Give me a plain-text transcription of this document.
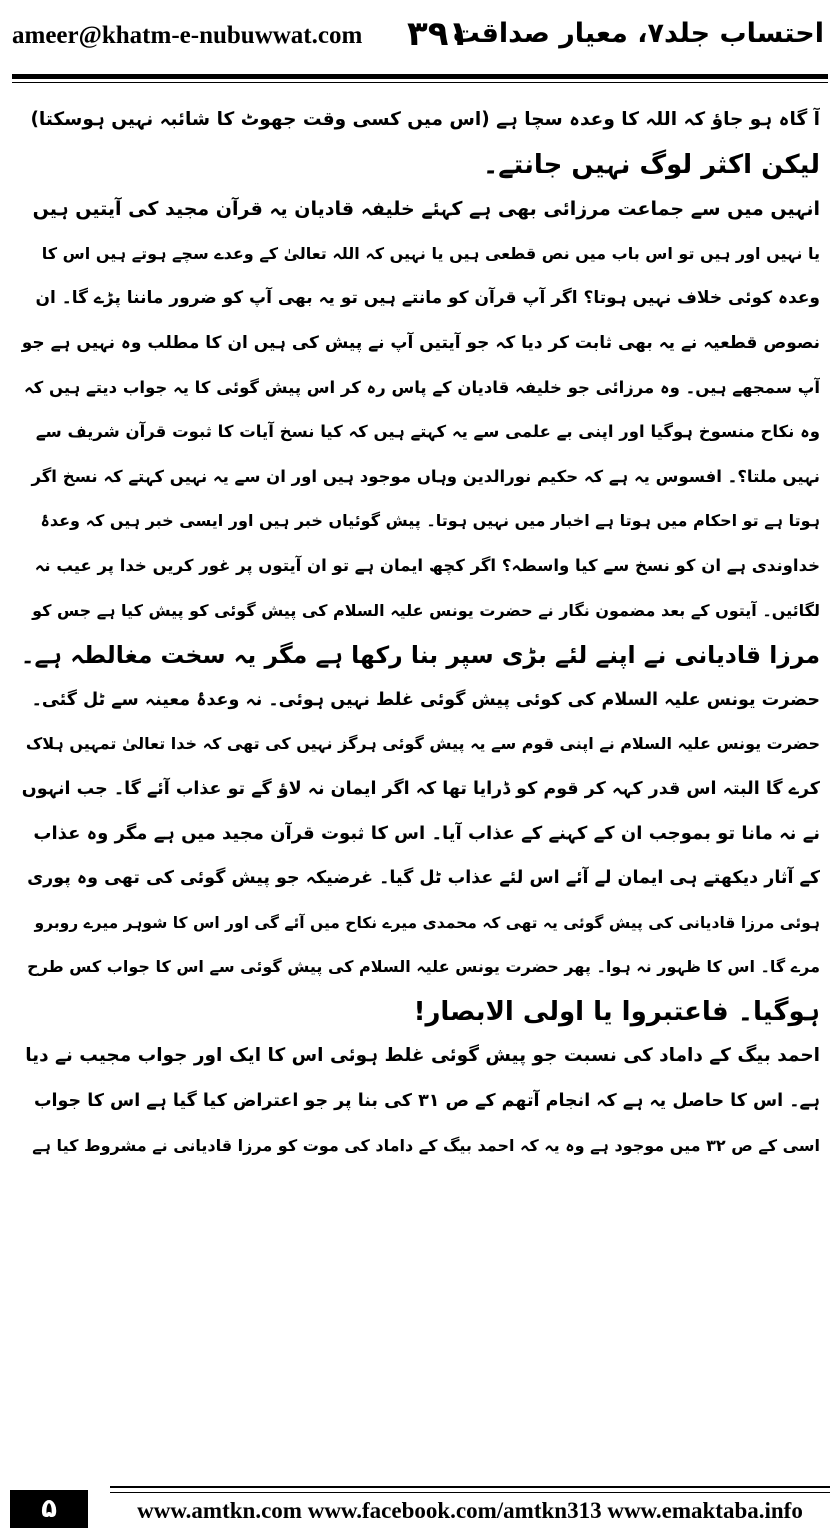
ameer@khatm-e-nubuwwat.com ۳۹۱
احتساب جلد۷، معیار صداقت
آ گاہ ہو جاؤ کہ اللہ کا وعدہ سچا ہے (اس میں کسی وقت جھوٹ کا شائبہ نہیں ہوسکتا)
لیکن اکثر لوگ نہیں جانتے۔
انہیں میں سے جماعت مرزائی بھی ہے کہئے خلیفہ قادیان یہ قرآن مجید کی آیتیں ہیں
یا نہیں اور ہیں تو اس باب میں نص قطعی ہیں یا نہیں کہ اللہ تعالیٰ کے وعدے سچے ہوتے ہیں اس کا
وعدہ کوئی خلاف نہیں ہوتا؟ اگر آپ قرآن کو مانتے ہیں تو یہ بھی آپ کو ضرور ماننا پڑے گا۔ ان
نصوص قطعیہ نے یہ بھی ثابت کر دیا کہ جو آیتیں آپ نے پیش کی ہیں ان کا مطلب وہ نہیں ہے جو
آپ سمجھے ہیں۔ وہ مرزائی جو خلیفہ قادیان کے پاس رہ کر اس پیش گوئی کا یہ جواب دیتے ہیں کہ
وہ نکاح منسوخ ہوگیا اور اپنی بے علمی سے یہ کہتے ہیں کہ کیا نسخ آیات کا ثبوت قرآن شریف سے
نہیں ملتا؟۔ افسوس یہ ہے کہ حکیم نورالدین وہاں موجود ہیں اور ان سے یہ نہیں کہتے کہ نسخ اگر
ہوتا ہے تو احکام میں ہوتا ہے اخبار میں نہیں ہوتا۔ پیش گوئیاں خبر ہیں اور ایسی خبر ہیں کہ وعدۂ
خداوندی ہے ان کو نسخ سے کیا واسطہ؟ اگر کچھ ایمان ہے تو ان آیتوں پر غور کریں خدا پر عیب نہ
لگائیں۔ آیتوں کے بعد مضمون نگار نے حضرت یونس علیہ السلام کی پیش گوئی کو پیش کیا ہے جس کو
مرزا قادیانی نے اپنے لئے بڑی سپر بنا رکھا ہے مگر یہ سخت مغالطہ ہے۔
حضرت یونس علیہ السلام کی کوئی پیش گوئی غلط نہیں ہوئی۔ نہ وعدۂ معینہ سے ٹل گئی۔
حضرت یونس علیہ السلام نے اپنی قوم سے یہ پیش گوئی ہرگز نہیں کی تھی کہ خدا تعالیٰ تمہیں ہلاک
کرے گا البتہ اس قدر کہہ کر قوم کو ڈرایا تھا کہ اگر ایمان نہ لاؤ گے تو عذاب آئے گا۔ جب انہوں
نے نہ مانا تو بموجب ان کے کہنے کے عذاب آیا۔ اس کا ثبوت قرآن مجید میں ہے مگر وہ عذاب
کے آثار دیکھتے ہی ایمان لے آئے اس لئے عذاب ٹل گیا۔ غرضیکہ جو پیش گوئی کی تھی وہ پوری
ہوئی مرزا قادیانی کی پیش گوئی یہ تھی کہ محمدی میرے نکاح میں آئے گی اور اس کا شوہر میرے روبرو
مرے گا۔ اس کا ظہور نہ ہوا۔ پھر حضرت یونس علیہ السلام کی پیش گوئی سے اس کا جواب کس طرح
ہوگیا۔ فاعتبروا یا اولی الابصار!
احمد بیگ کے داماد کی نسبت جو پیش گوئی غلط ہوئی اس کا ایک اور جواب مجیب نے دیا
ہے۔ اس کا حاصل یہ ہے کہ انجام آتھم کے ص ۳۱ کی بنا پر جو اعتراض کیا گیا ہے اس کا جواب
اسی کے ص ۳۲ میں موجود ہے وہ یہ کہ احمد بیگ کے داماد کی موت کو مرزا قادیانی نے مشروط کیا ہے
۵	www.amtkn.com www.facebook.com/amtkn313 www.emaktaba.info
